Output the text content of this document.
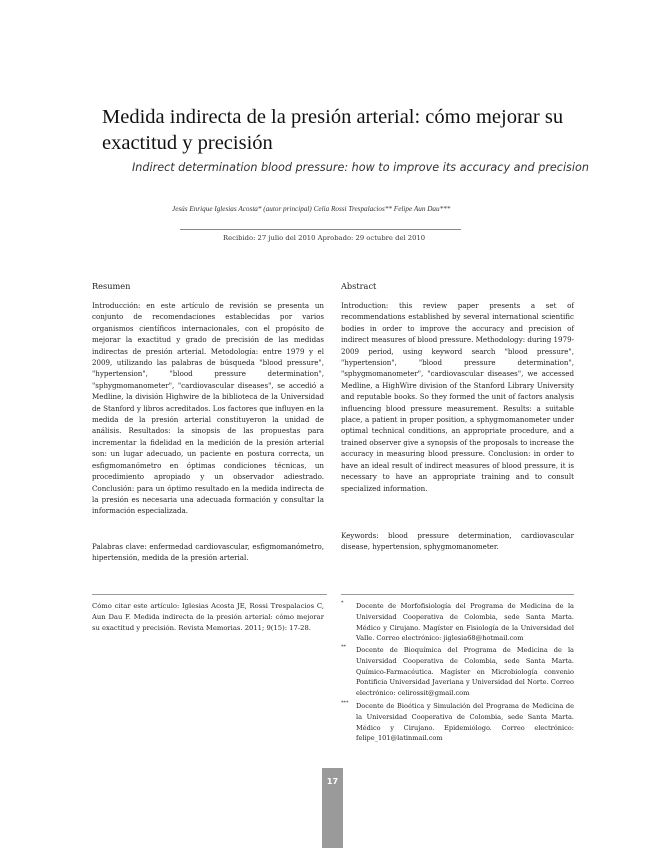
Medida indirecta de la presión arterial: cómo mejorar su exactitud y precisión

Indirect determination blood pressure: how to improve its accuracy and precision

Jesús Enrique Iglesias Acosta* (autor principal) Celia Rossi Trespalacios** Felipe Aun Dau***
Recibido: 27 julio del 2010 Aprobado: 29 octubre del 2010
Resumen

Introducción: en este artículo de revisión se presenta un conjunto de recomendaciones establecidas por varios organismos científicos internacionales, con el propósito de mejorar la exactitud y grado de precisión de las medidas indirectas de presión arterial. Metodología: entre 1979 y el 2009, utilizando las palabras de búsqueda "blood pressure", "hypertension", "blood pressure determination", "sphygmomanometer", "cardiovascular diseases", se accedió a Medline, la división Highwire de la biblioteca de la Universidad de Stanford y libros acreditados. Los factores que influyen en la medida de la presión arterial constituyeron la unidad de análisis. Resultados: la sinopsis de las propuestas para incrementar la fidelidad en la medición de la presión arterial son: un lugar adecuado, un paciente en postura correcta, un esfigmomanómetro en óptimas condiciones técnicas, un procedimiento apropiado y un observador adiestrado. Conclusión: para un óptimo resultado en la medida indirecta de la presión es necesaria una adecuada formación y consultar la información especializada.

Palabras clave: enfermedad cardiovascular, esfigmomanómetro, hipertensión, medida de la presión arterial.

Abstract

Introduction: this review paper presents a set of recommendations established by several international scientific bodies in order to improve the accuracy and precision of indirect measures of blood pressure. Methodology: during 1979-2009 period, using keyword search "blood pressure", "hypertension", "blood pressure determination", "sphygmomanometer", "cardiovascular diseases", we accessed Medline, a HighWire division of the Stanford Library University and reputable books. So they formed the unit of factors analysis influencing blood pressure measurement. Results: a suitable place, a patient in proper position, a sphygmomanometer under optimal technical conditions, an appropriate procedure, and a trained observer give a synopsis of the proposals to increase the accuracy in measuring blood pressure. Conclusion: in order to have an ideal result of indirect measures of blood pressure, it is necessary to have an appropriate training and to consult specialized information.

Keywords: blood pressure determination, cardiovascular disease, hypertension, sphygmomanometer.

Cómo citar este artículo: Iglesias Acosta JE, Rossi Trespalacios C, Aun Dau F. Medida indirecta de la presión arterial: cómo mejorar su exactitud y precisión. Revista Memorias. 2011; 9(15): 17-28.

* Docente de Morfofisiología del Programa de Medicina de la Universidad Cooperativa de Colombia, sede Santa Marta. Médico y Cirujano. Magíster en Fisiología de la Universidad del Valle. Correo electrónico: jiglesia68@hotmail.com
** Docente de Bioquímica del Programa de Medicina de la Universidad Cooperativa de Colombia, sede Santa Marta. Químico-Farmacéutica. Magíster en Microbiología convenio Pontificia Universidad Javeriana y Universidad del Norte. Correo electrónico: celirossit@gmail.com
*** Docente de Bioética y Simulación del Programa de Medicina de la Universidad Cooperativa de Colombia, sede Santa Marta. Médico y Cirujano. Epidemiólogo. Correo electrónico: felipe_101@latinmail.com
17
